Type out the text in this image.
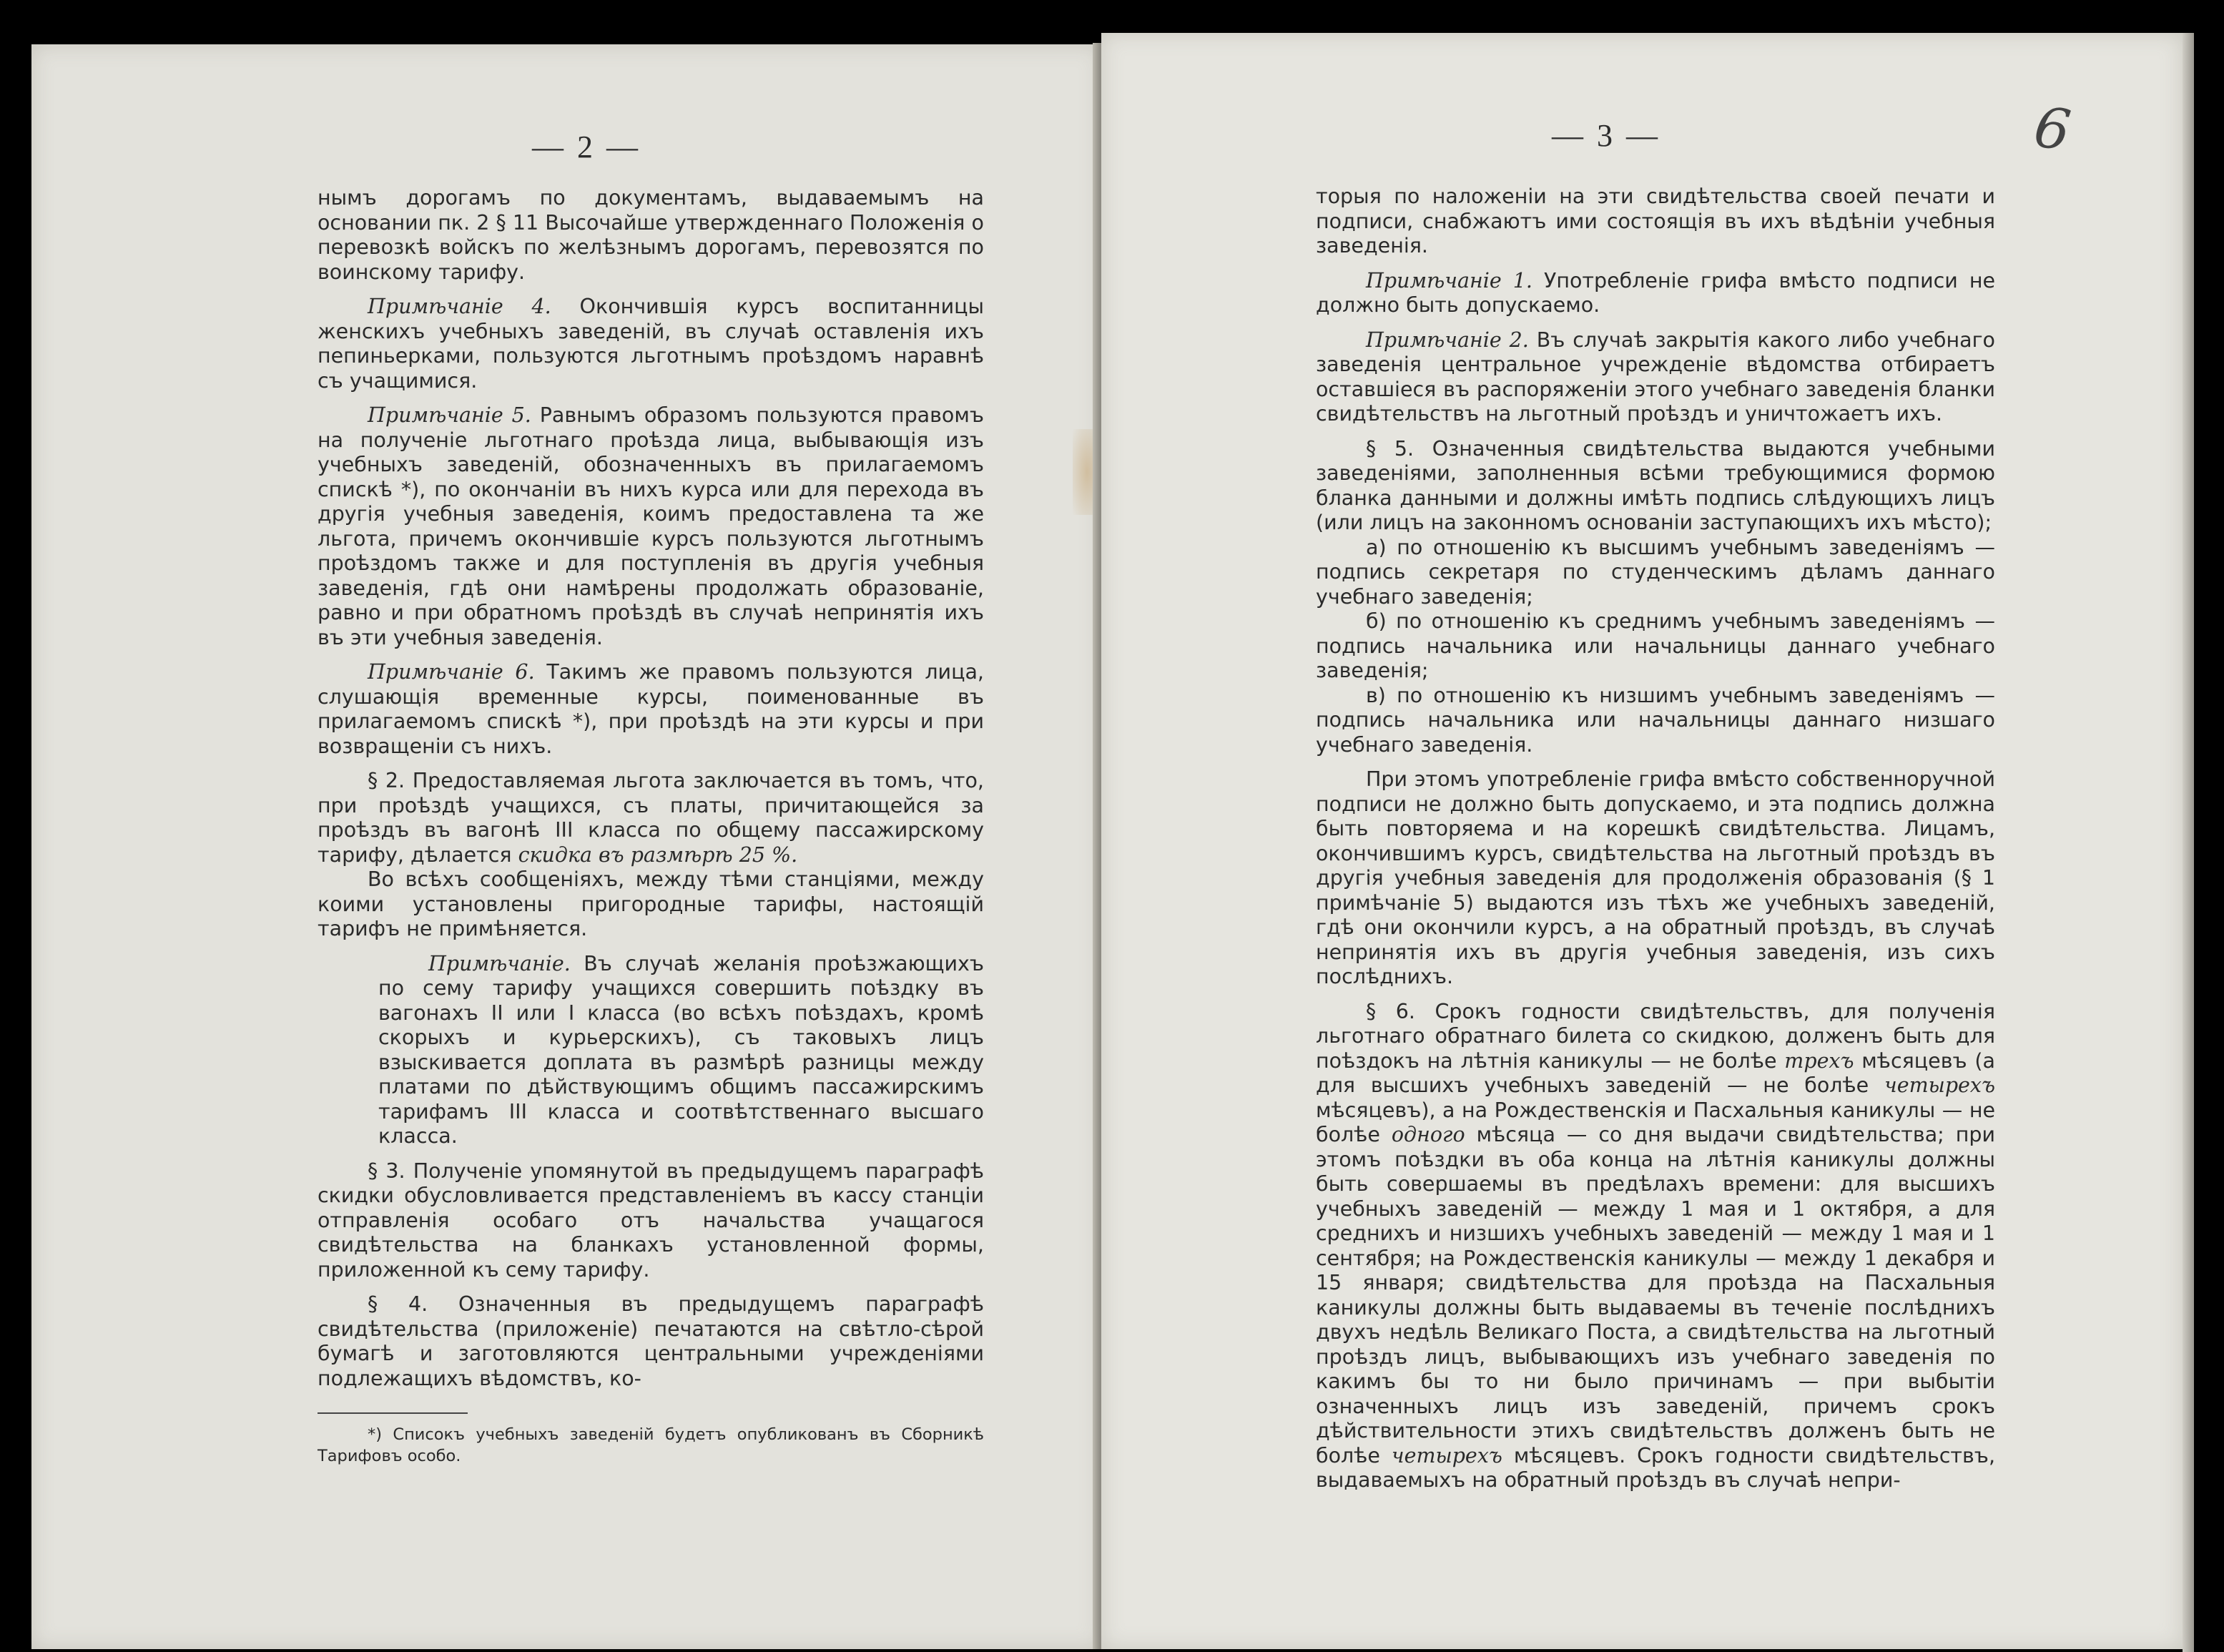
— 2 —

нымъ дорогамъ по документамъ, выдаваемымъ на основании пк. 2 § 11 Высочайше утвержденнаго Положенія о перевозкѣ войскъ по желѣзнымъ дорогамъ, перевозятся по воинскому тарифу.

Примѣчаніе 4. Окончившія курсъ воспитанницы женскихъ учебныхъ заведеній, въ случаѣ оставленія ихъ пепиньерками, пользуются льготнымъ проѣздомъ наравнѣ съ учащимися.

Примѣчаніе 5. Равнымъ образомъ пользуются правомъ на полученіе льготнаго проѣзда лица, выбывающія изъ учебныхъ заведеній, обозначенныхъ въ прилагаемомъ спискѣ *), по окончаніи въ нихъ курса или для перехода въ другія учебныя заведенія, коимъ предоставлена та же льгота, причемъ окончившіе курсъ пользуются льготнымъ проѣздомъ также и для поступленія въ другія учебныя заведенія, гдѣ они намѣрены продолжать образованіе, равно и при обратномъ проѣздѣ въ случаѣ непринятія ихъ въ эти учебныя заведенія.

Примѣчаніе 6. Такимъ же правомъ пользуются лица, слушающія временные курсы, поименованные въ прилагаемомъ спискѣ *), при проѣздѣ на эти курсы и при возвращеніи съ нихъ.

§ 2. Предоставляемая льгота заключается въ томъ, что, при проѣздѣ учащихся, съ платы, причитающейся за проѣздъ въ вагонѣ III класса по общему пассажирскому тарифу, дѣлается скидка въ размѣрѣ 25 %.

Во всѣхъ сообщеніяхъ, между тѣми станціями, между коими установлены пригородные тарифы, настоящій тарифъ не примѣняется.

Примѣчаніе. Въ случаѣ желанія проѣзжающихъ по сему тарифу учащихся совершить поѣздку въ вагонахъ II или I класса (во всѣхъ поѣздахъ, кромѣ скорыхъ и курьерскихъ), съ таковыхъ лицъ взыскивается доплата въ размѣрѣ разницы между платами по дѣйствующимъ общимъ пассажирскимъ тарифамъ III класса и соотвѣтственнаго высшаго класса.

§ 3. Полученіе упомянутой въ предыдущемъ параграфѣ скидки обусловливается представленіемъ въ кассу станціи отправленія особаго отъ начальства учащагося свидѣтельства на бланкахъ установленной формы, приложенной къ сему тарифу.

§ 4. Означенныя въ предыдущемъ параграфѣ свидѣтельства (приложеніе) печатаются на свѣтло-сѣрой бумагѣ и заготовляются центральными учрежденіями подлежащихъ вѣдомствъ, ко-

*) Списокъ учебныхъ заведеній будетъ опубликованъ въ Сборникѣ Тарифовъ особо.

— 3 —	6

торыя по наложеніи на эти свидѣтельства своей печати и подписи, снабжаютъ ими состоящія въ ихъ вѣдѣніи учебныя заведенія.

Примѣчаніе 1. Употребленіе грифа вмѣсто подписи не должно быть допускаемо.

Примѣчаніе 2. Въ случаѣ закрытія какого либо учебнаго заведенія центральное учрежденіе вѣдомства отбираетъ оставшіеся въ распоряженіи этого учебнаго заведенія бланки свидѣтельствъ на льготный проѣздъ и уничтожаетъ ихъ.

§ 5. Означенныя свидѣтельства выдаются учебными заведеніями, заполненныя всѣми требующимися формою бланка данными и должны имѣть подпись слѣдующихъ лицъ (или лицъ на законномъ основаніи заступающихъ ихъ мѣсто);

а) по отношенію къ высшимъ учебнымъ заведеніямъ — подпись секретаря по студенческимъ дѣламъ даннаго учебнаго заведенія;

б) по отношенію къ среднимъ учебнымъ заведеніямъ — подпись начальника или начальницы даннаго учебнаго заведенія;

в) по отношенію къ низшимъ учебнымъ заведеніямъ — подпись начальника или начальницы даннаго низшаго учебнаго заведенія.

При этомъ употребленіе грифа вмѣсто собственноручной подписи не должно быть допускаемо, и эта подпись должна быть повторяема и на корешкѣ свидѣтельства. Лицамъ, окончившимъ курсъ, свидѣтельства на льготный проѣздъ въ другія учебныя заведенія для продолженія образованія (§ 1 примѣчаніе 5) выдаются изъ тѣхъ же учебныхъ заведеній, гдѣ они окончили курсъ, а на обратный проѣздъ, въ случаѣ непринятія ихъ въ другія учебныя заведенія, изъ сихъ послѣднихъ.

§ 6. Срокъ годности свидѣтельствъ, для полученія льготнаго обратнаго билета со скидкою, долженъ быть для поѣздокъ на лѣтнія каникулы — не болѣе трехъ мѣсяцевъ (а для высшихъ учебныхъ заведеній — не болѣе четырехъ мѣсяцевъ), а на Рождественскія и Пасхальныя каникулы — не болѣе одного мѣсяца — со дня выдачи свидѣтельства; при этомъ поѣздки въ оба конца на лѣтнія каникулы должны быть совершаемы въ предѣлахъ времени: для высшихъ учебныхъ заведеній — между 1 мая и 1 октября, а для среднихъ и низшихъ учебныхъ заведеній — между 1 мая и 1 сентября; на Рождественскія каникулы — между 1 декабря и 15 января; свидѣтельства для проѣзда на Пасхальныя каникулы должны быть выдаваемы въ теченіе послѣднихъ двухъ недѣль Великаго Поста, а свидѣтельства на льготный проѣздъ лицъ, выбывающихъ изъ учебнаго заведенія по какимъ бы то ни было причинамъ — при выбытіи означенныхъ лицъ изъ заведеній, причемъ срокъ дѣйствительности этихъ свидѣтельствъ долженъ быть не болѣе четырехъ мѣсяцевъ. Срокъ годности свидѣтельствъ, выдаваемыхъ на обратный проѣздъ въ случаѣ непри-
